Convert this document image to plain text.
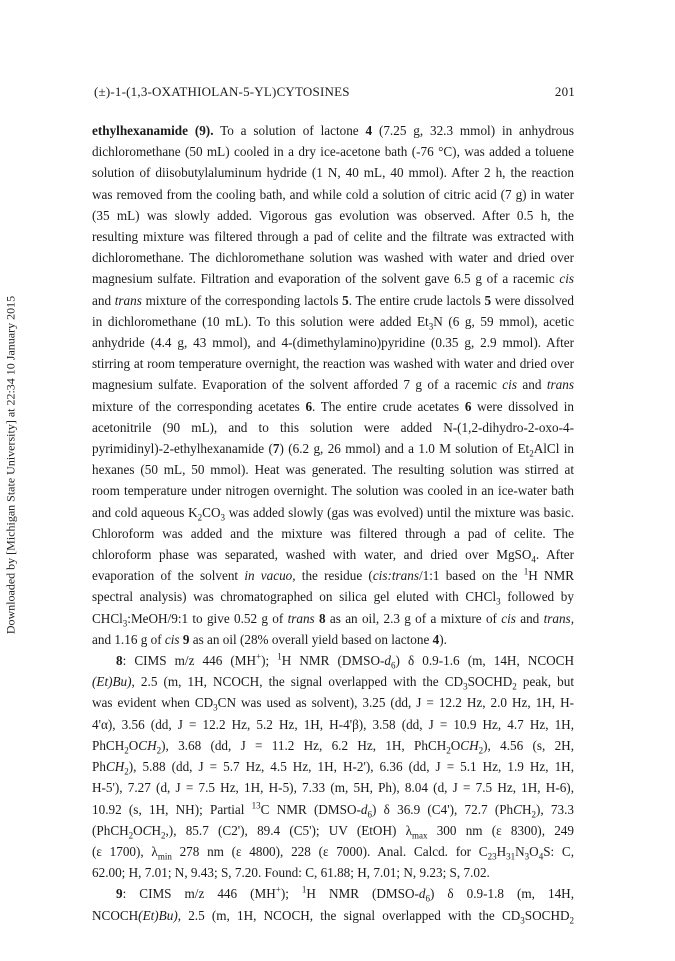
Downloaded by [Michigan State University] at 22:34 10 January 2015
(±)-1-(1,3-OXATHIOLAN-5-YL)CYTOSINES	201
ethylhexanamide (9). To a solution of lactone 4 (7.25 g, 32.3 mmol) in anhydrous
dichloromethane (50 mL) cooled in a dry ice-acetone bath (-76 °C), was added a toluene
solution of diisobutylaluminum hydride (1 N, 40 mL, 40 mmol). After 2 h, the reaction
was removed from the cooling bath, and while cold a solution of citric acid (7 g) in water
(35 mL) was slowly added. Vigorous gas evolution was observed. After 0.5 h, the
resulting mixture was filtered through a pad of celite and the filtrate was extracted with
dichloromethane. The dichloromethane solution was washed with water and dried over
magnesium sulfate. Filtration and evaporation of the solvent gave 6.5 g of a racemic cis
and trans mixture of the corresponding lactols 5. The entire crude lactols 5 were dissolved
in dichloromethane (10 mL). To this solution were added $Et_3N$ (6 g, 59 mmol), acetic
anhydride (4.4 g, 43 mmol), and 4-(dimethylamino)pyridine (0.35 g, 2.9 mmol). After
stirring at room temperature overnight, the reaction was washed with water and dried over
magnesium sulfate. Evaporation of the solvent afforded 7 g of a racemic cis and trans
mixture of the corresponding acetates 6. The entire crude acetates 6 were dissolved in
acetonitrile (90 mL), and to this solution were added N-(1,2-dihydro-2-oxo-4-
pyrimidinyl)-2-ethylhexanamide (7) (6.2 g, 26 mmol) and a 1.0 M solution of $Et_2AlCl$ in
hexanes (50 mL, 50 mmol). Heat was generated. The resulting solution was stirred at
room temperature under nitrogen overnight. The solution was cooled in an ice-water bath
and cold aqueous $K_2CO_3$ was added slowly (gas was evolved) until the mixture was basic.
Chloroform was added and the mixture was filtered through a pad of celite. The
chloroform phase was separated, washed with water, and dried over MgSO$_4$. After
evaporation of the solvent in vacuo, the residue (cis:trans/1:1 based on the $^1$H NMR
spectral analysis) was chromatographed on silica gel eluted with CHCl$_3$ followed by
CHCl$_3$:MeOH/9:1 to give 0.52 g of trans 8 as an oil, 2.3 g of a mixture of cis and trans,
and 1.16 g of cis 9 as an oil (28% overall yield based on lactone 4).
8: CIMS m/z 446 (MH+); $^1$H NMR $(DMSO-d_6)$ δ 0.9-1.6 (m, 14H, NCOCH
(Et)Bu), 2.5 (m, 1H, NCOCH, the signal overlapped with the $CD_3SOCHD_2$ peak, but
was evident when $CD_3CN$ was used as solvent), 3.25 (dd, J = 12.2 Hz, 2.0 Hz, 1H, H-
4'α), 3.56 (dd, J = 12.2 Hz, 5.2 Hz, 1H, H-4'β), 3.58 (dd, J = 10.9 Hz, 4.7 Hz, 1H,
$PhCH_2OCH_2$), 3.68 (dd, J = 11.2 Hz, 6.2 Hz, 1H, $PhCH_2OCH_2$), 4.56 (s, 2H,
PhCH$_2$), 5.88 (dd, J = 5.7 Hz, 4.5 Hz, 1H, H-2'), 6.36 (dd, J = 5.1 Hz, 1.9 Hz, 1H,
H-5'), 7.27 (d, J = 7.5 Hz, 1H, H-5), 7.33 (m, 5H, Ph), 8.04 (d, J = 7.5 Hz, 1H, H-6),
10.92 (s, 1H, NH); Partial $^{13}$C NMR $(DMSO-d_6)$ δ 36.9 (C4'), 72.7 (PhCH$_2$), 73.3
$(PhCH_2OCH_2,)$, 85.7 (C2'), 89.4 (C5'); UV (EtOH) $\lambda_{max}$ 300 nm (ε 8300), 249
(ε 1700), $\lambda_{min}$ 278 nm (ε 4800), 228 (ε 7000). Anal. Calcd. for $C_{23}H_{31}N_3O_4S$: C,
62.00; H, 7.01; N, 9.43; S, 7.20. Found: C, 61.88; H, 7.01; N, 9.23; S, 7.02.
9: CIMS m/z 446 (MH+); $^1$H NMR $(DMSO-d_6)$ δ 0.9-1.8 (m, 14H,
NCOCH(Et)Bu), 2.5 (m, 1H, NCOCH, the signal overlapped with the $CD_3SOCHD_2$
